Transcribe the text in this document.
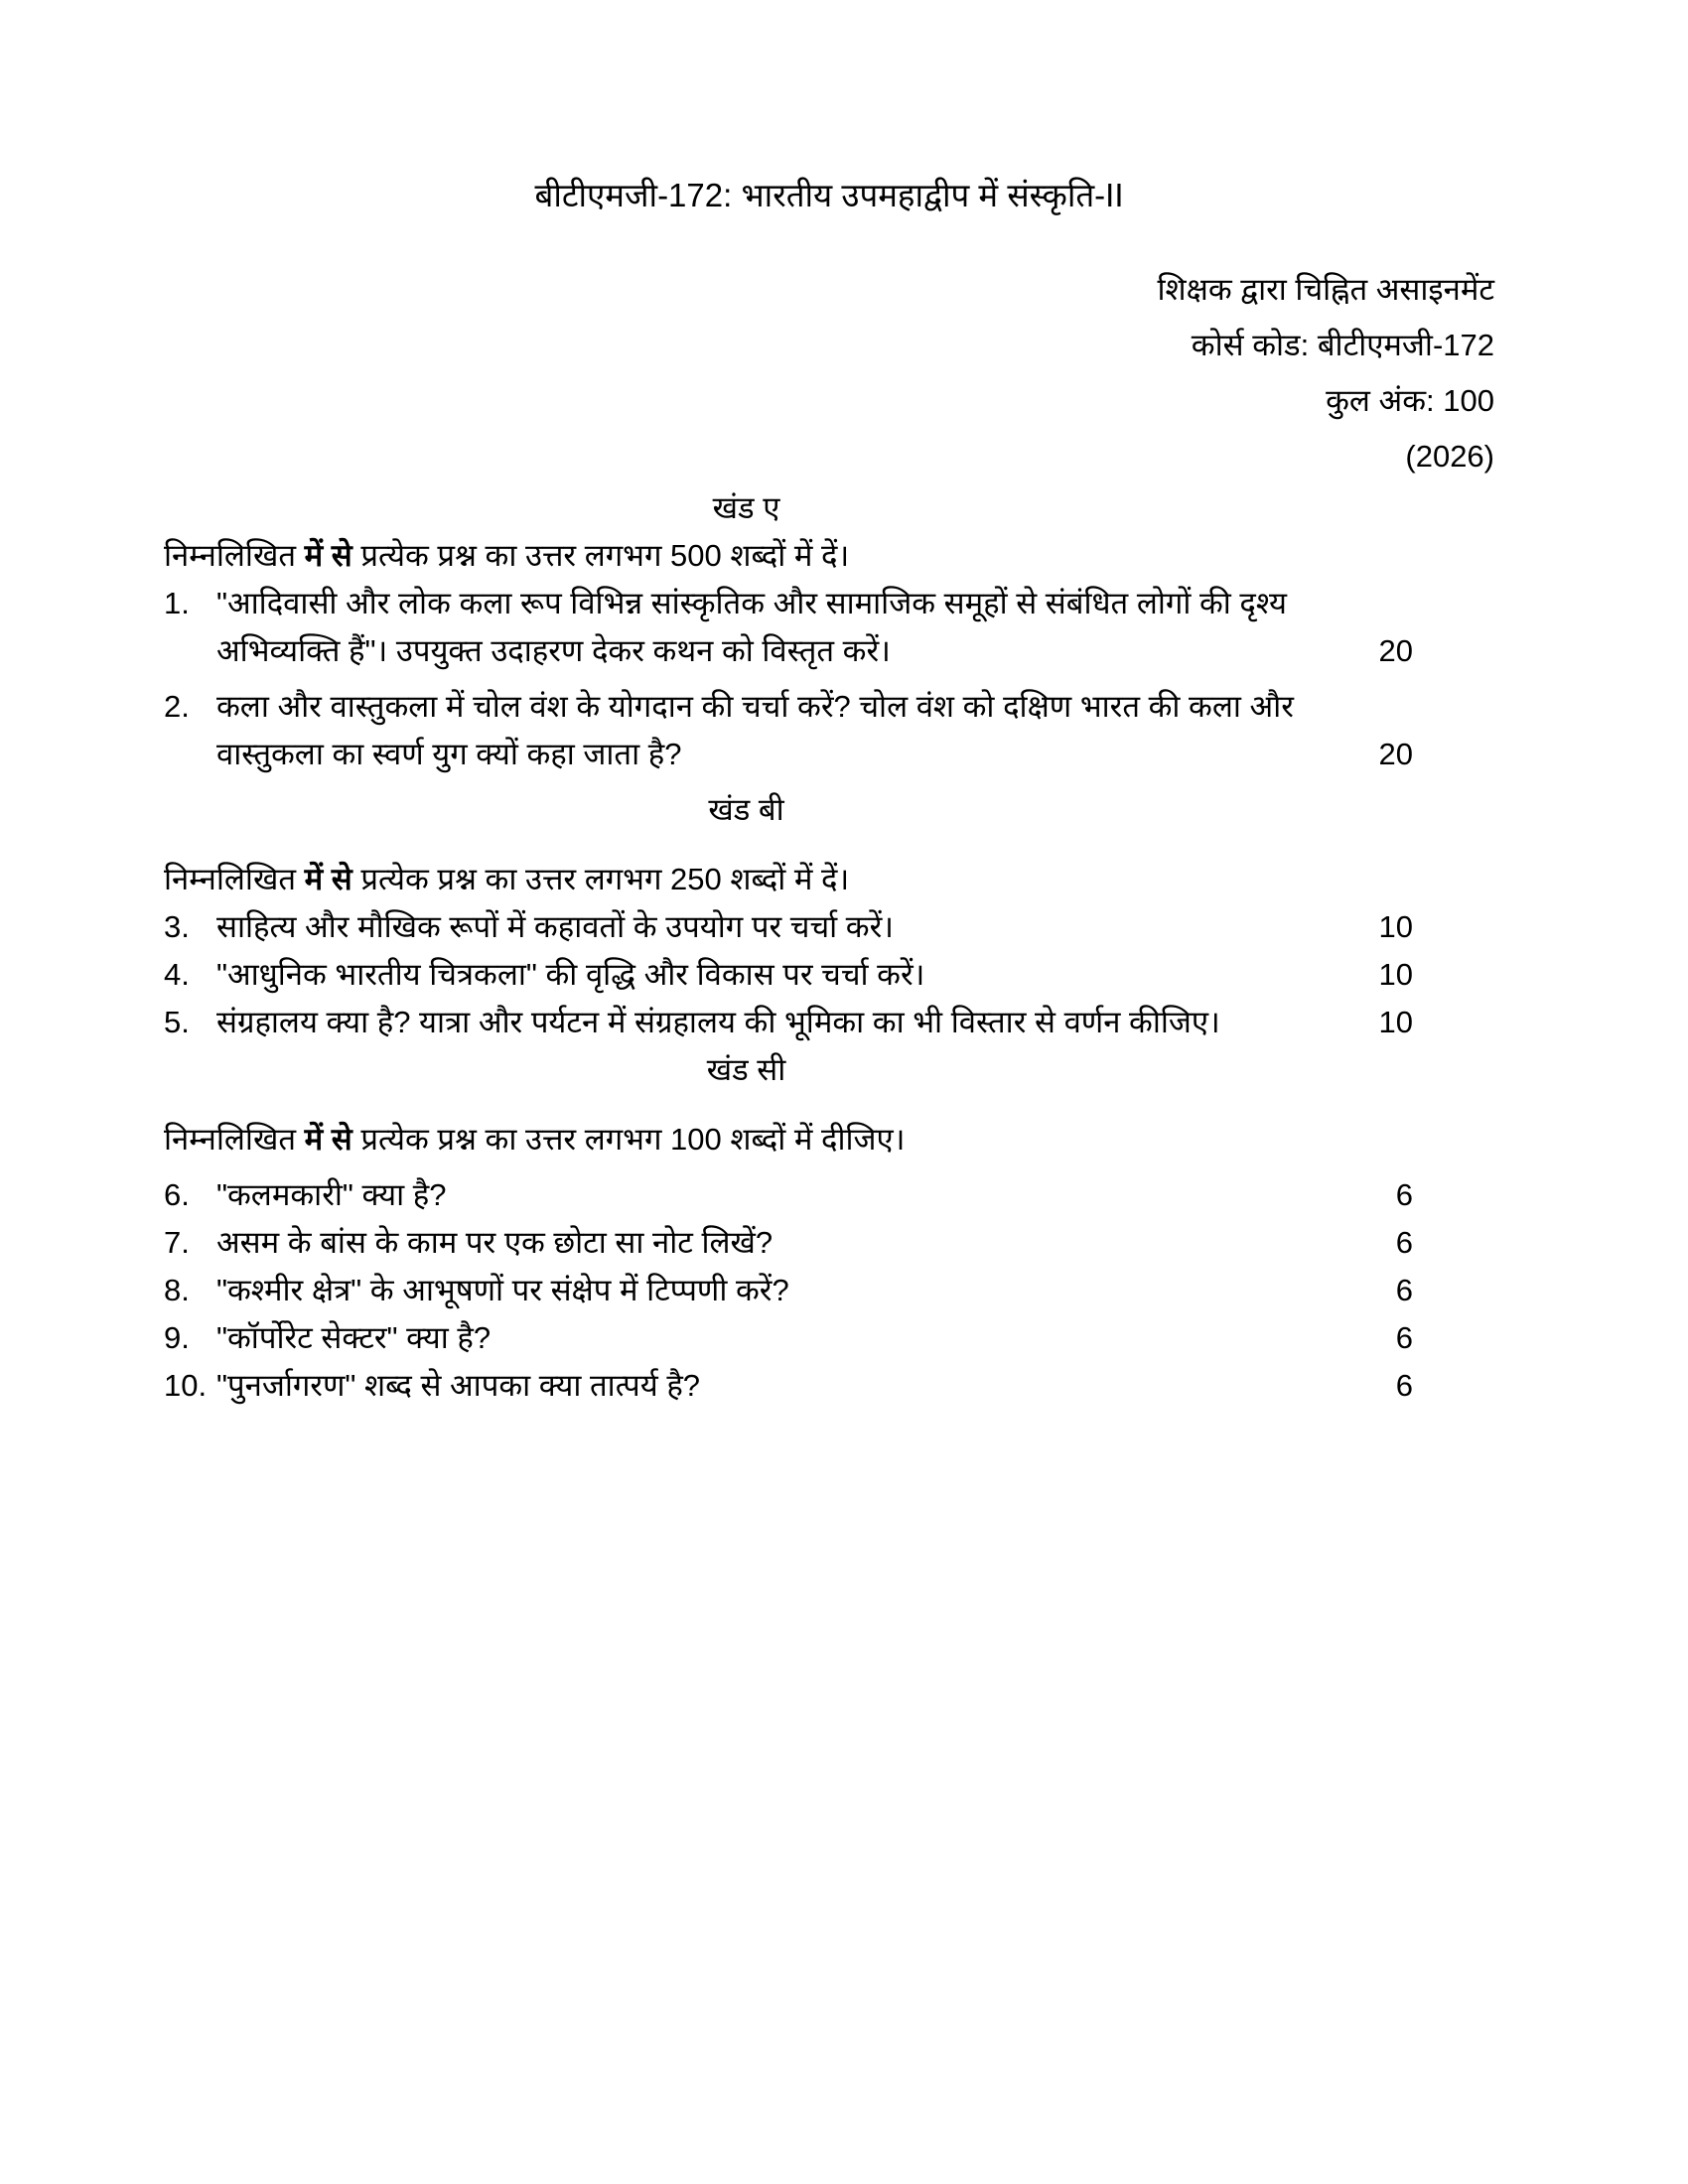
बीटीएमजी-172: भारतीय उपमहाद्वीप में संस्कृति-II
शिक्षक द्वारा चिह्नित असाइनमेंट
कोर्स कोड: बीटीएमजी-172
कुल अंक: 100
(2026)
खंड ए

निम्नलिखित में से प्रत्येक प्रश्न का उत्तर लगभग 500 शब्दों में दें।

1. "आदिवासी और लोक कला रूप विभिन्न सांस्कृतिक और सामाजिक समूहों से संबंधित लोगों की दृश्य अभिव्यक्ति हैं"। उपयुक्त उदाहरण देकर कथन को विस्तृत करें।	20
2. कला और वास्तुकला में चोल वंश के योगदान की चर्चा करें? चोल वंश को दक्षिण भारत की कला और वास्तुकला का स्वर्ण युग क्यों कहा जाता है?	20
खंड बी

निम्नलिखित में से प्रत्येक प्रश्न का उत्तर लगभग 250 शब्दों में दें।

3. साहित्य और मौखिक रूपों में कहावतों के उपयोग पर चर्चा करें।	10
4. "आधुनिक भारतीय चित्रकला" की वृद्धि और विकास पर चर्चा करें।	10
5. संग्रहालय क्या है? यात्रा और पर्यटन में संग्रहालय की भूमिका का भी विस्तार से वर्णन कीजिए।	10
खंड सी

निम्नलिखित में से प्रत्येक प्रश्न का उत्तर लगभग 100 शब्दों में दीजिए।

6. "कलमकारी" क्या है?	6
7. असम के बांस के काम पर एक छोटा सा नोट लिखें?	6
8. "कश्मीर क्षेत्र" के आभूषणों पर संक्षेप में टिप्पणी करें?	6
9. "कॉर्पोरेट सेक्टर" क्या है?	6
10. "पुनर्जागरण" शब्द से आपका क्या तात्पर्य है?	6
